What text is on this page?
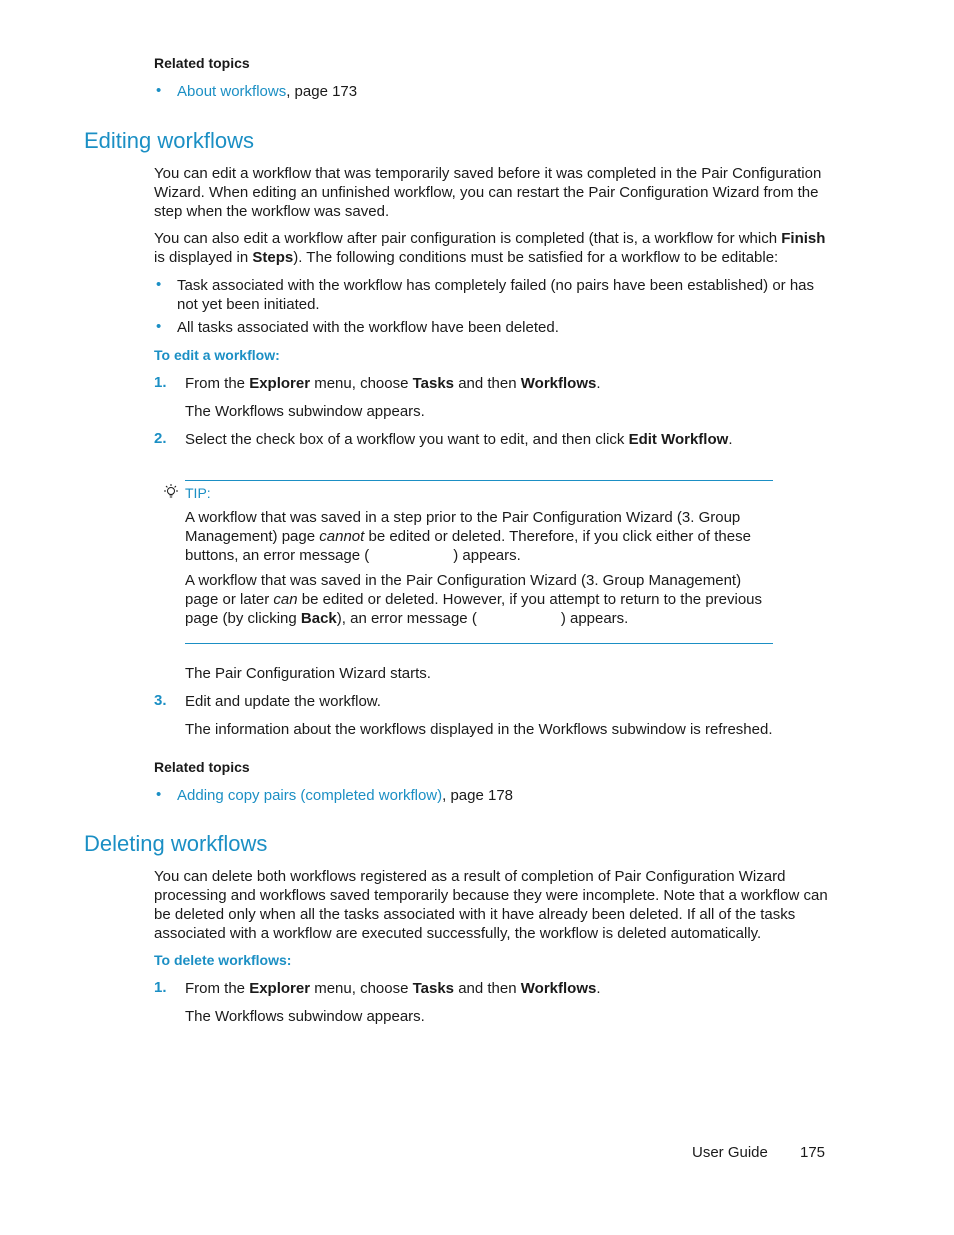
Related topics
• About workflows, page 173
Editing workflows
You can edit a workflow that was temporarily saved before it was completed in the Pair Configuration Wizard. When editing an unfinished workflow, you can restart the Pair Configuration Wizard from the step when the workflow was saved.
You can also edit a workflow after pair configuration is completed (that is, a workflow for which Finish is displayed in Steps). The following conditions must be satisfied for a workflow to be editable:
• Task associated with the workflow has completely failed (no pairs have been established) or has not yet been initiated.
• All tasks associated with the workflow have been deleted.
To edit a workflow:
1. From the Explorer menu, choose Tasks and then Workflows.
The Workflows subwindow appears.
2. Select the check box of a workflow you want to edit, and then click Edit Workflow.
TIP:
A workflow that was saved in a step prior to the Pair Configuration Wizard (3. Group Management) page cannot be edited or deleted. Therefore, if you click either of these buttons, an error message (	) appears.
A workflow that was saved in the Pair Configuration Wizard (3. Group Management) page or later can be edited or deleted. However, if you attempt to return to the previous page (by clicking Back), an error message (	) appears.
The Pair Configuration Wizard starts.
3. Edit and update the workflow.
The information about the workflows displayed in the Workflows subwindow is refreshed.
Related topics
• Adding copy pairs (completed workflow), page 178
Deleting workflows
You can delete both workflows registered as a result of completion of Pair Configuration Wizard processing and workflows saved temporarily because they were incomplete. Note that a workflow can be deleted only when all the tasks associated with it have already been deleted. If all of the tasks associated with a workflow are executed successfully, the workflow is deleted automatically.
To delete workflows:
1. From the Explorer menu, choose Tasks and then Workflows.
The Workflows subwindow appears.
User Guide 175
